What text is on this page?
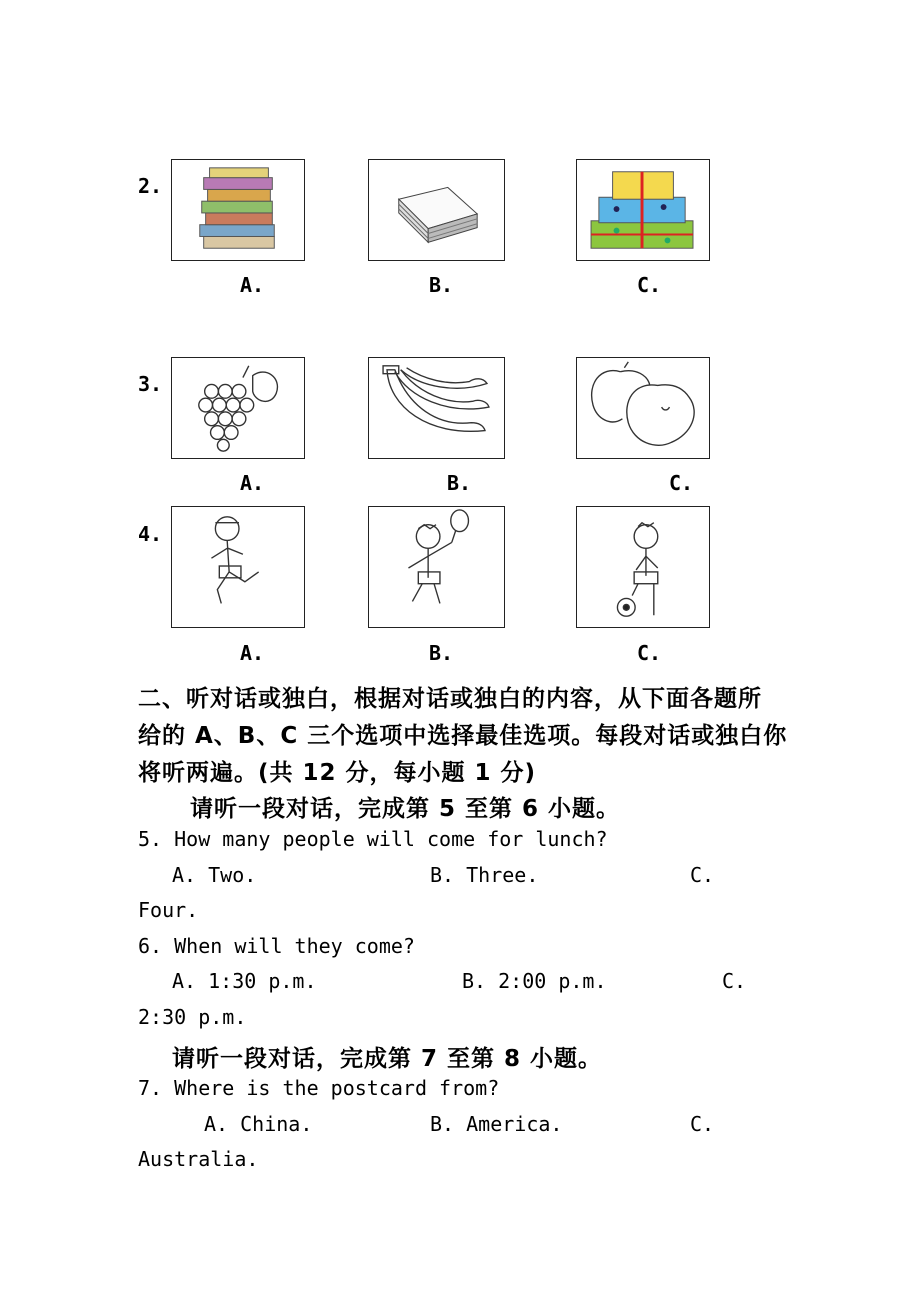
2.
A.	B.	C.
3.
A.	B.	C.
4.
A.	B.	C.
二、听对话或独白，根据对话或独白的内容，从下面各题所
给的 A、B、C 三个选项中选择最佳选项。每段对话或独白你
将听两遍。(共 12 分，每小题 1 分)
请听一段对话，完成第 5 至第 6 小题。
5. How many people will come for lunch?
A. Two.	B. Three.	C.
Four.
6. When will they come?
A. 1:30 p.m.	B. 2:00 p.m.	C.
2:30 p.m.
请听一段对话，完成第 7 至第 8 小题。
7. Where is the postcard from?
A. China.	B. America.	C.
Australia.
